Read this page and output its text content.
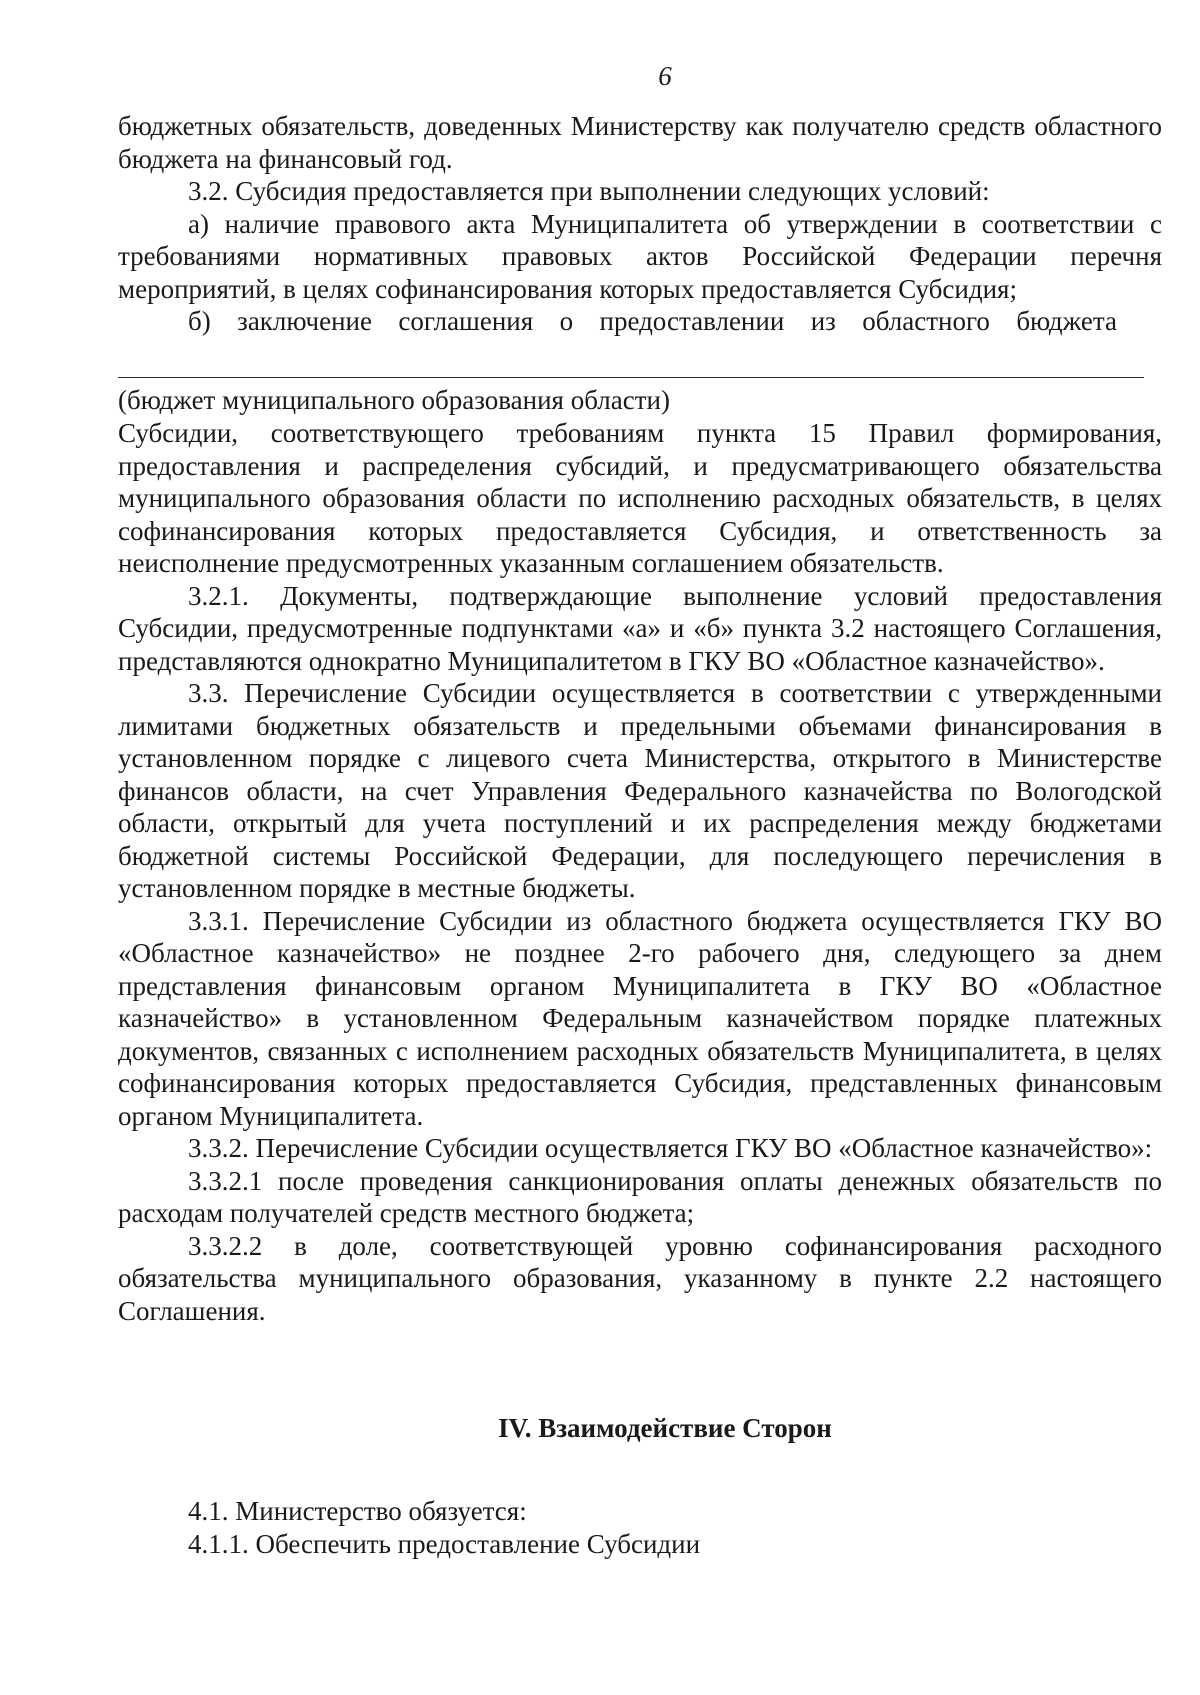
6

бюджетных обязательств, доведенных Министерству как получателю средств областного бюджета на финансовый год.

3.2. Субсидия предоставляется при выполнении следующих условий:

а) наличие правового акта Муниципалитета об утверждении в соответствии с требованиями нормативных правовых актов Российской Федерации перечня мероприятий, в целях софинансирования которых предоставляется Субсидия;

б) заключение соглашения о предоставлении из областного бюджета

(бюджет муниципального образования области)

Субсидии, соответствующего требованиям пункта 15 Правил формирования, предоставления и распределения субсидий, и предусматривающего обязательства муниципального образования области по исполнению расходных обязательств, в целях софинансирования которых предоставляется Субсидия, и ответственность за неисполнение предусмотренных указанным соглашением обязательств.

3.2.1. Документы, подтверждающие выполнение условий предоставления Субсидии, предусмотренные подпунктами «а» и «б» пункта 3.2 настоящего Соглашения, представляются однократно Муниципалитетом в ГКУ ВО «Областное казначейство».

3.3. Перечисление Субсидии осуществляется в соответствии с утвержденными лимитами бюджетных обязательств и предельными объемами финансирования в установленном порядке с лицевого счета Министерства, открытого в Министерстве финансов области, на счет Управления Федерального казначейства по Вологодской области, открытый для учета поступлений и их распределения между бюджетами бюджетной системы Российской Федерации, для последующего перечисления в установленном порядке в местные бюджеты.

3.3.1. Перечисление Субсидии из областного бюджета осуществляется ГКУ ВО «Областное казначейство» не позднее 2-го рабочего дня, следующего за днем представления финансовым органом Муниципалитета в ГКУ ВО «Областное казначейство» в установленном Федеральным казначейством порядке платежных документов, связанных с исполнением расходных обязательств Муниципалитета, в целях софинансирования которых предоставляется Субсидия, представленных финансовым органом Муниципалитета.

3.3.2. Перечисление Субсидии осуществляется ГКУ ВО «Областное казначейство»:

3.3.2.1 после проведения санкционирования оплаты денежных обязательств по расходам получателей средств местного бюджета;

3.3.2.2 в доле, соответствующей уровню софинансирования расходного обязательства муниципального образования, указанному в пункте 2.2 настоящего Соглашения.

IV. Взаимодействие Сторон

4.1. Министерство обязуется:

4.1.1. Обеспечить предоставление Субсидии
